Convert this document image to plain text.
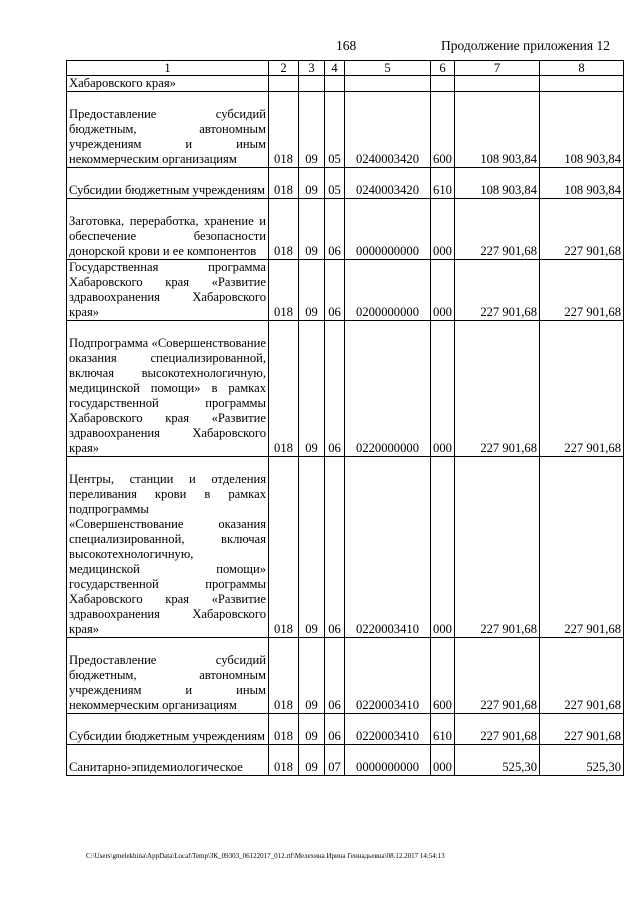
168	Продолжение приложения 12
1	2	3	4	5	6	7	8
Хабаровского края»							
Предоставление субсидий бюджетным, автономным учреждениям и иным некоммерческим организациям	018	09	05	0240003420	600	108 903,84	108 903,84
Субсидии бюджетным учреждениям	018	09	05	0240003420	610	108 903,84	108 903,84
Заготовка, переработка, хранение и обеспечение безопасности донорской крови и ее компонентов	018	09	06	0000000000	000	227 901,68	227 901,68
Государственная программа Хабаровского края «Развитие здравоохранения Хабаровского края»	018	09	06	0200000000	000	227 901,68	227 901,68
Подпрограмма «Совершенствование оказания специализированной, включая высокотехнологичную, медицинской помощи» в рамках государственной программы Хабаровского края «Развитие здравоохранения Хабаровского края»	018	09	06	0220000000	000	227 901,68	227 901,68
Центры, станции и отделения переливания крови в рамках подпрограммы «Совершенствование оказания специализированной, включая высокотехнологичную, медицинской помощи» государственной программы Хабаровского края «Развитие здравоохранения Хабаровского края»	018	09	06	0220003410	000	227 901,68	227 901,68
Предоставление субсидий бюджетным, автономным учреждениям и иным некоммерческим организациям	018	09	06	0220003410	600	227 901,68	227 901,68
Субсидии бюджетным учреждениям	018	09	06	0220003410	610	227 901,68	227 901,68
Санитарно-эпидемиологическое	018	09	07	0000000000	000	525,30	525,30
C:\Users\gmelekhina\AppData\Local\Temp\ЗК_09303_06122017_012.rtf\Мелехина Ирина Геннадьевна\08.12.2017 14:54:13
